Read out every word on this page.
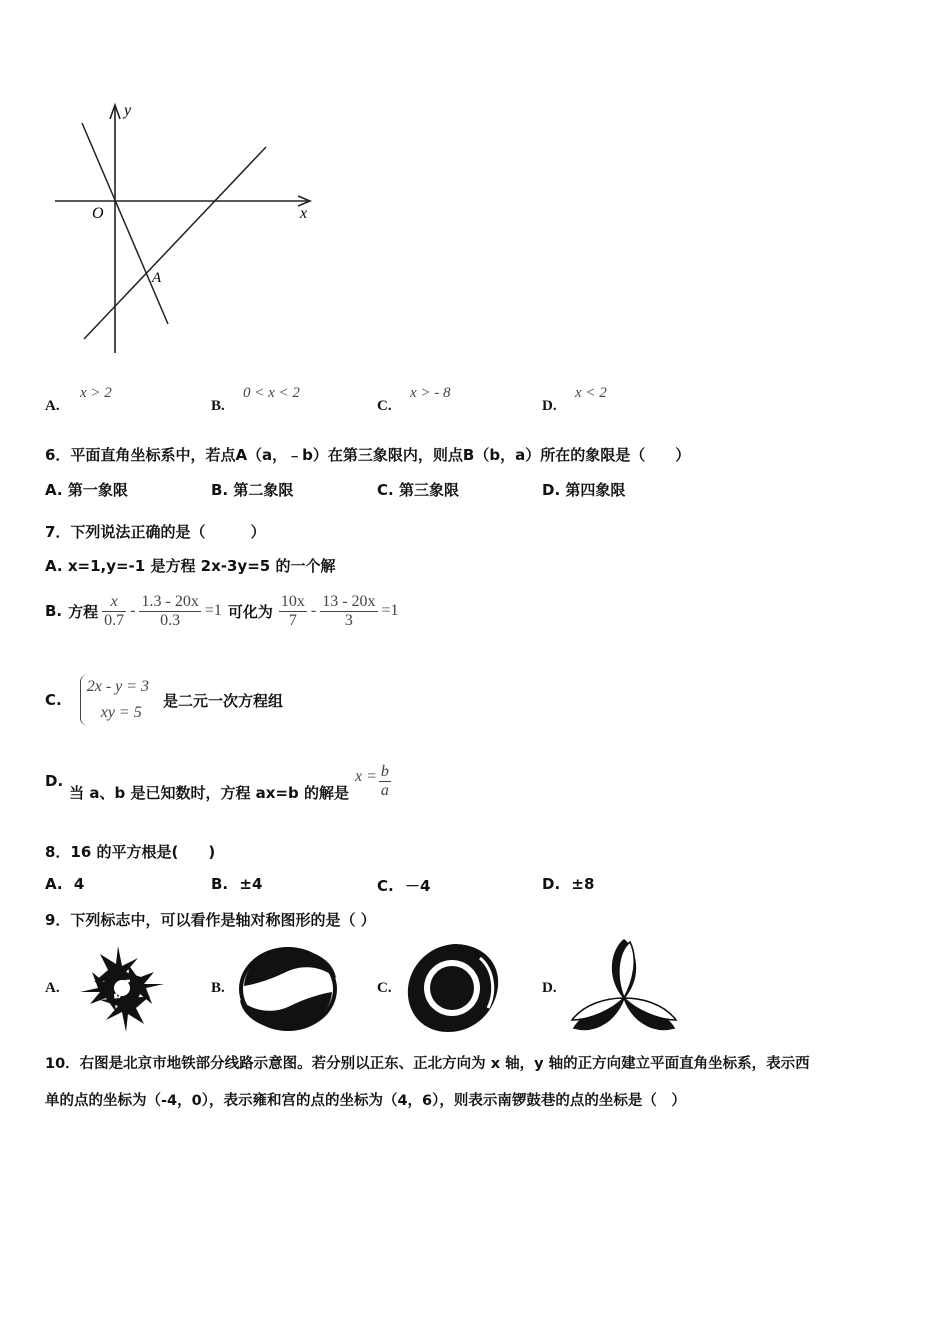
y
x
O
A
A.
x > 2
B.
0 < x < 2
C.
x > - 8
D.
x < 2
6．平面直角坐标系中，若点A（a，﹣b）在第三象限内，则点B（b，a）所在的象限是（　　）
A. 第一象限	B. 第二象限	C. 第三象限	D. 第四象限
7．下列说法正确的是（　　　）
A. x=1,y=-1 是方程 2x-3y=5 的一个解
B. 方程 $\frac{x}{0.7} - \frac{1.3 - 20x}{0.3} =1$ 可化为 $\frac{10x}{7} - \frac{13 - 20x}{3} =1$
C.
2x - y = 3
xy = 5
是二元一次方程组
D.
当 a、b 是已知数时，方程 ax=b 的解是
$x = \frac{b}{a}$
8．16 的平方根是(　　)
A. 4	B. ±4	C. －4	D. ±8
9．下列标志中，可以看作是轴对称图形的是（ ）
A.	B.	C.	D.
10．右图是北京市地铁部分线路示意图。若分别以正东、正北方向为 x 轴，y 轴的正方向建立平面直角坐标系，表示西
单的点的坐标为（-4，0），表示雍和宫的点的坐标为（4，6），则表示南锣鼓巷的点的坐标是（　）
